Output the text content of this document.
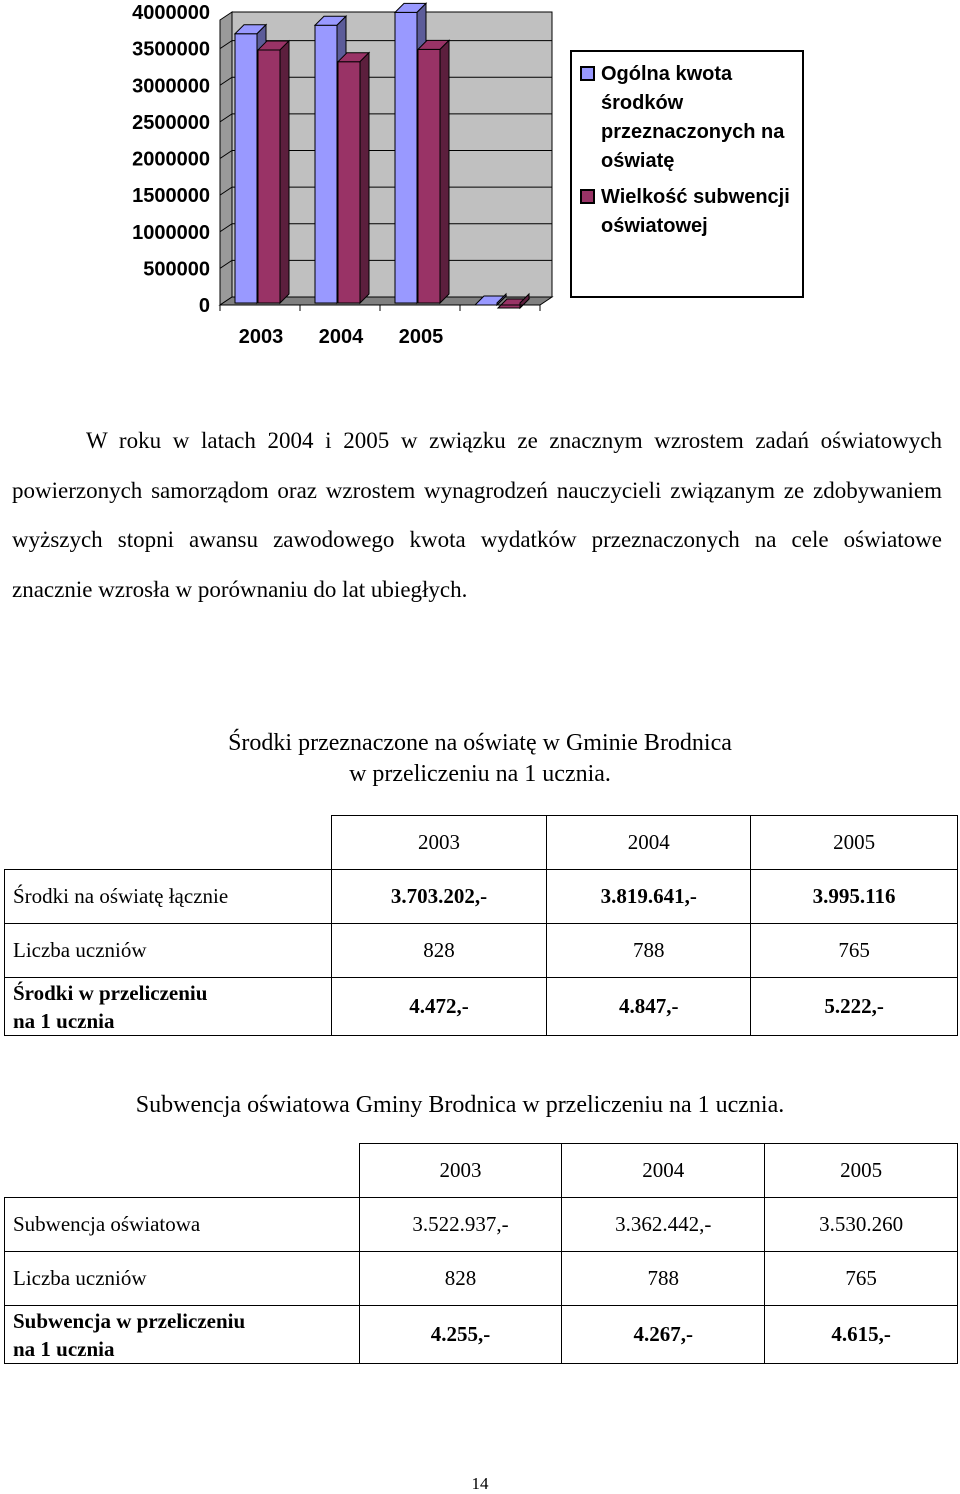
4000000
3500000
3000000
2500000
2000000
1500000
1000000
500000
0
2003 2004 2005
Ogólna kwota środków przeznaczonych na oświatę
Wielkość subwencji oświatowej
W roku w latach 2004 i 2005 w związku ze znacznym wzrostem zadań oświatowych powierzonych samorządom oraz wzrostem wynagrodzeń nauczycieli związanym ze zdobywaniem wyższych stopni awansu zawodowego kwota wydatków przeznaczonych na cele oświatowe znacznie wzrosła w porównaniu do lat ubiegłych.
Środki przeznaczone na oświatę w Gminie Brodnica
w przeliczeniu na 1 ucznia.
	2003	2004	2005
Środki na oświatę łącznie	3.703.202,-	3.819.641,-	3.995.116
Liczba uczniów	828	788	765

Środki w przeliczeniu
na 1 ucznia	4.472,-	4.847,-	5.222,-
Subwencja oświatowa Gminy Brodnica w przeliczeniu na 1 ucznia.
	2003	2004	2005
Subwencja oświatowa	3.522.937,-	3.362.442,-	3.530.260
Liczba uczniów	828	788	765

Subwencja w przeliczeniu
na 1 ucznia	4.255,-	4.267,-	4.615,-
14
